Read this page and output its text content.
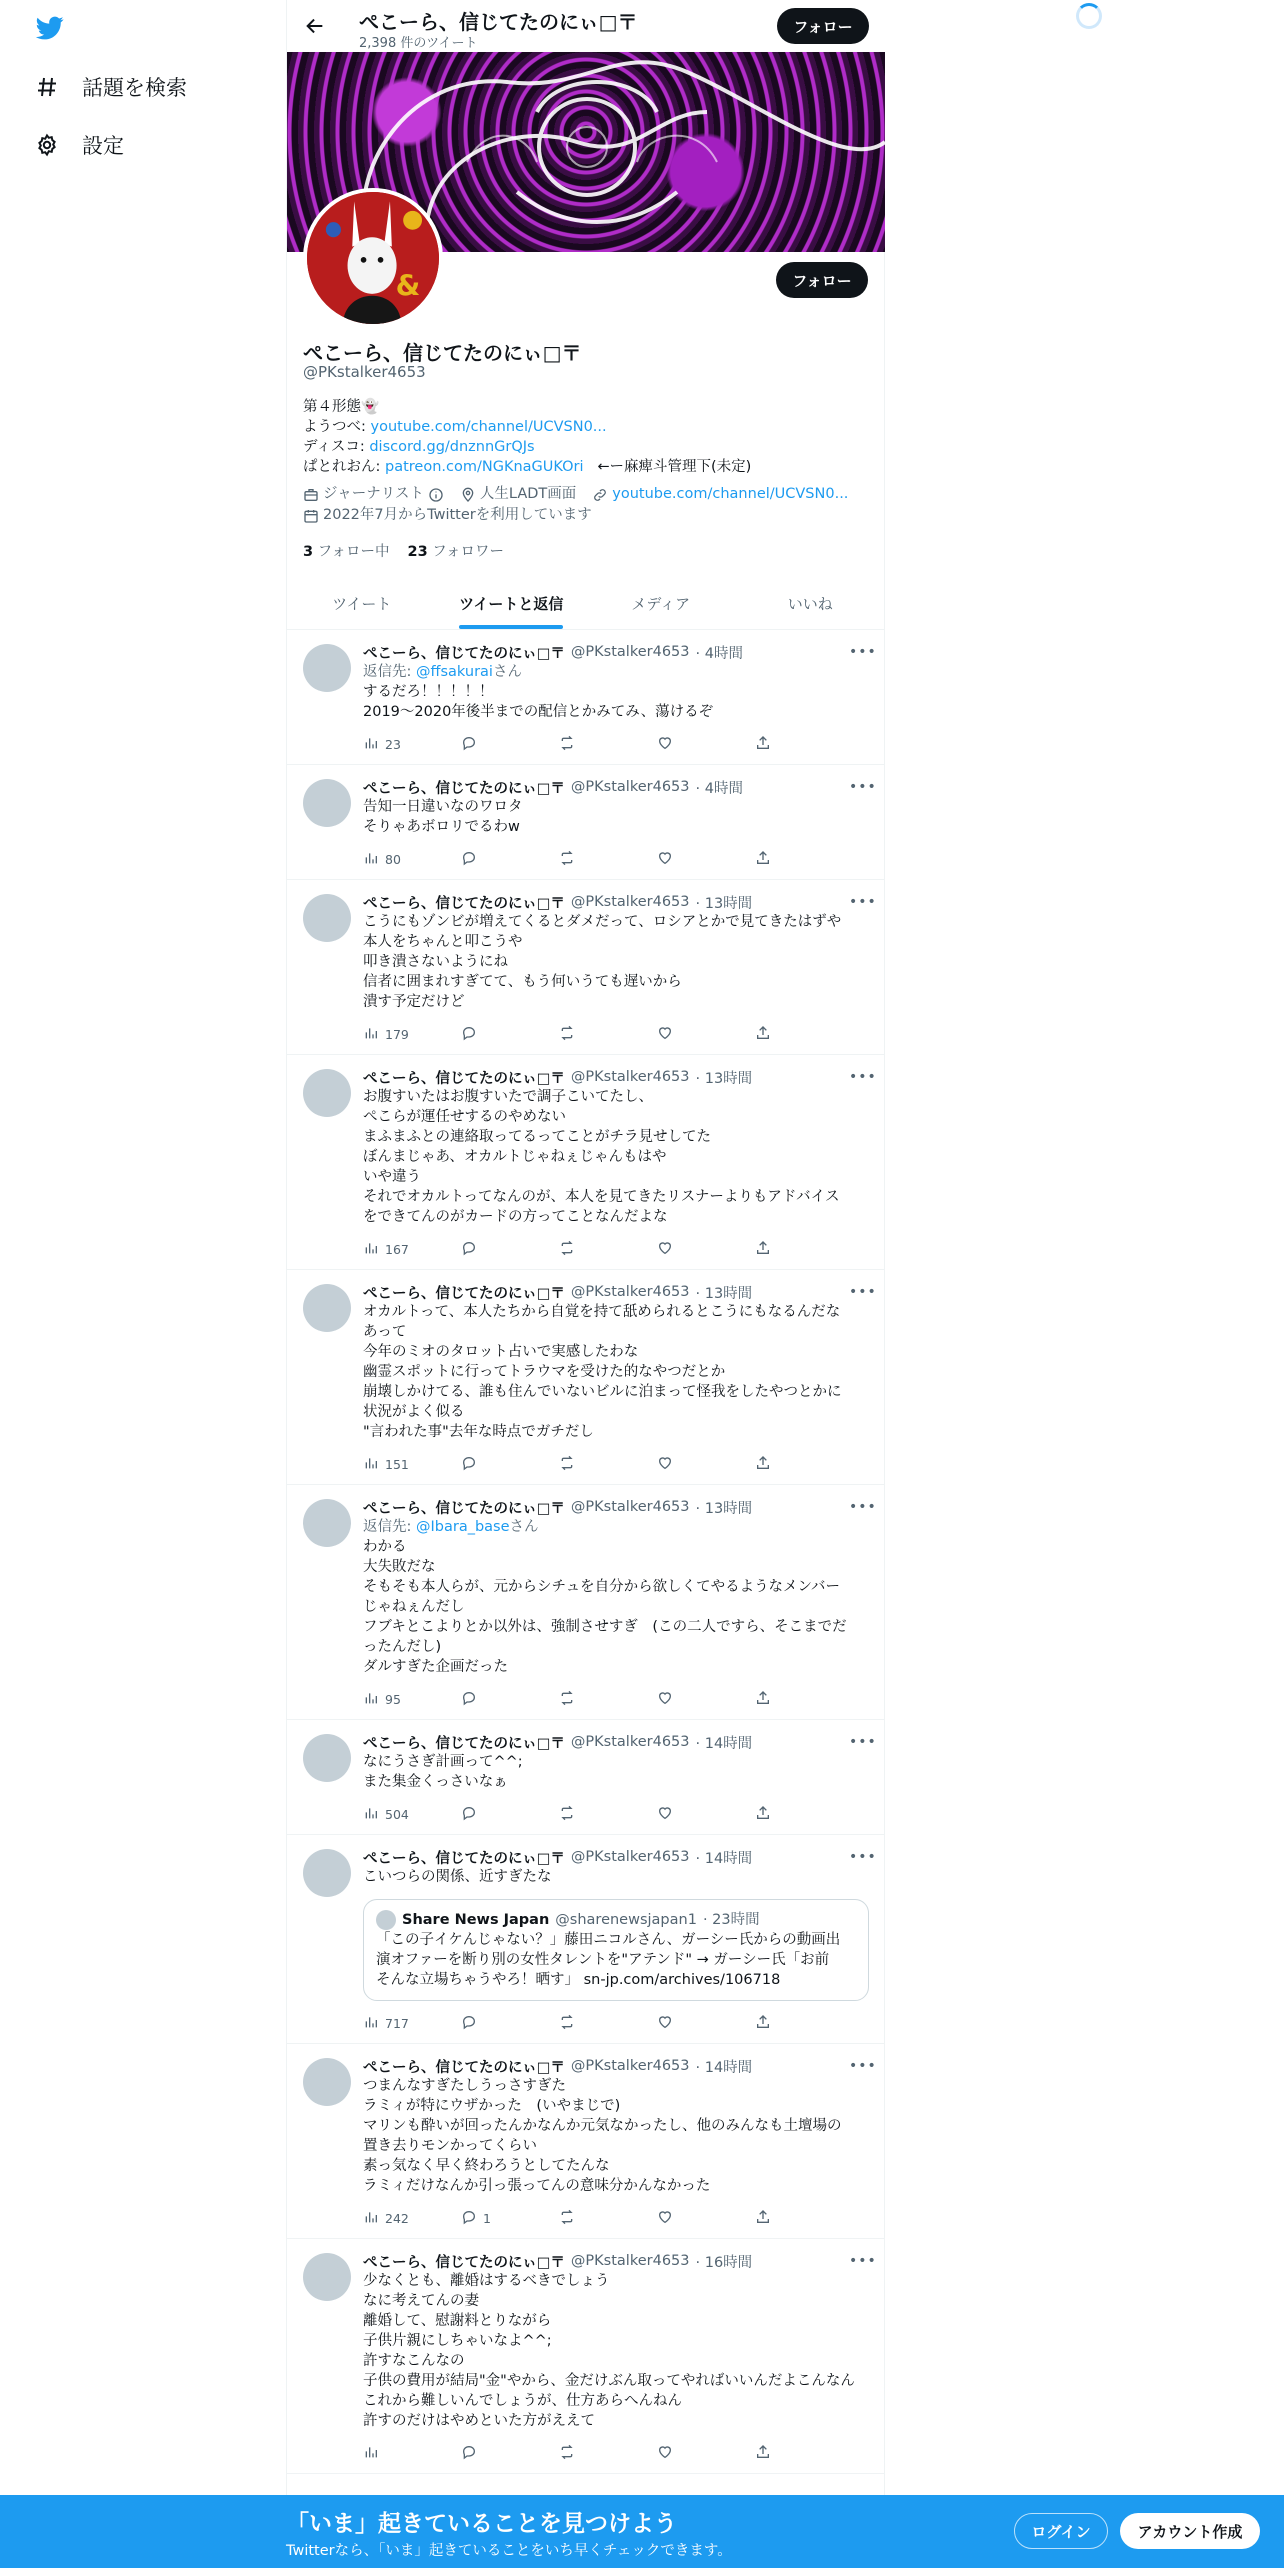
話題を検索
設定
ぺこーら、信じてたのにぃ□〒
2,398 件のツイート
フォロー
&	フォロー
ぺこーら、信じてたのにぃ□〒
@PKstalker4653
第４形態👻
ようつべ: youtube.com/channel/UCVSN0...
ディスコ: discord.gg/dnznnGrQJs
ぱとれおん: patreon.com/NGKnaGUKOri   ←ー麻痺斗管理下(未定)
ジャーナリスト	人生LADT画面 youtube.com/channel/UCVSN0...
2022年7月からTwitterを利用しています
3 フォロー中 23 フォロワー
ツイート	ツイートと返信	メディア	いいね
•••
ぺこーら、信じてたのにぃ□〒 @PKstalker4653 · 4時間
返信先: @ffsakuraiさん
するだろ！！！！！
2019〜2020年後半までの配信とかみてみ、蕩けるぞ
23
•••
ぺこーら、信じてたのにぃ□〒 @PKstalker4653 · 4時間
告知一日違いなのワロタ
そりゃあボロリでるわw
80
•••
ぺこーら、信じてたのにぃ□〒 @PKstalker4653 · 13時間
こうにもゾンビが増えてくるとダメだって、ロシアとかで見てきたはずや
本人をちゃんと叩こうや
叩き潰さないようにね
信者に囲まれすぎてて、もう何いうても遅いから
潰す予定だけど
179
•••
ぺこーら、信じてたのにぃ□〒 @PKstalker4653 · 13時間
お腹すいたはお腹すいたで調子こいてたし、
ぺこらが運任せするのやめない
まふまふとの連絡取ってるってことがチラ見せしてた
ぼんまじゃあ、オカルトじゃねぇじゃんもはや
いや違う
それでオカルトってなんのが、本人を見てきたリスナーよりもアドバイス
をできてんのがカードの方ってことなんだよな
167
•••
ぺこーら、信じてたのにぃ□〒 @PKstalker4653 · 13時間
オカルトって、本人たちから自覚を持て舐められるとこうにもなるんだな
あって
今年のミオのタロット占いで実感したわな
幽霊スポットに行ってトラウマを受けた的なやつだとか
崩壊しかけてる、誰も住んでいないビルに泊まって怪我をしたやつとかに
状況がよく似る
"言われた事"去年な時点でガチだし
151
•••
ぺこーら、信じてたのにぃ□〒 @PKstalker4653 · 13時間
返信先: @Ibara_baseさん
わかる
大失敗だな
そもそも本人らが、元からシチュを自分から欲しくてやるようなメンバー
じゃねぇんだし
フブキとこよりとか以外は、強制させすぎ　(この二人ですら、そこまでだ
ったんだし)
ダルすぎた企画だった
95
•••
ぺこーら、信じてたのにぃ□〒 @PKstalker4653 · 14時間
なにうさぎ計画って^^;
また集金くっさいなぁ
504
•••
ぺこーら、信じてたのにぃ□〒 @PKstalker4653 · 14時間
こいつらの関係、近すぎたな
Share News Japan @sharenewsjapan1 · 23時間
「この子イケんじゃない？」藤田ニコルさん、ガーシー氏からの動画出
演オファーを断り別の女性タレントを"アテンド" → ガーシー氏「お前
そんな立場ちゃうやろ！晒す」 sn-jp.com/archives/106718
717
•••
ぺこーら、信じてたのにぃ□〒 @PKstalker4653 · 14時間
つまんなすぎたしうっさすぎた
ラミィが特にウザかった　(いやまじで)
マリンも酔いが回ったんかなんか元気なかったし、他のみんなも土壇場の
置き去りモンかってくらい
素っ気なく早く終わろうとしてたんな
ラミィだけなんか引っ張ってんの意味分かんなかった
242	1
•••
ぺこーら、信じてたのにぃ□〒 @PKstalker4653 · 16時間
少なくとも、離婚はするべきでしょう
なに考えてんの妻
離婚して、慰謝料とりながら
子供片親にしちゃいなよ^^;
許すなこんなの
子供の費用が結局"金"やから、金だけぶん取ってやればいいんだよこんなん
これから難しいんでしょうが、仕方あらへんねん
許すのだけはやめといた方がええて
「いま」起きていることを見つけよう
Twitterなら、「いま」起きていることをいち早くチェックできます。
ログイン	アカウント作成
